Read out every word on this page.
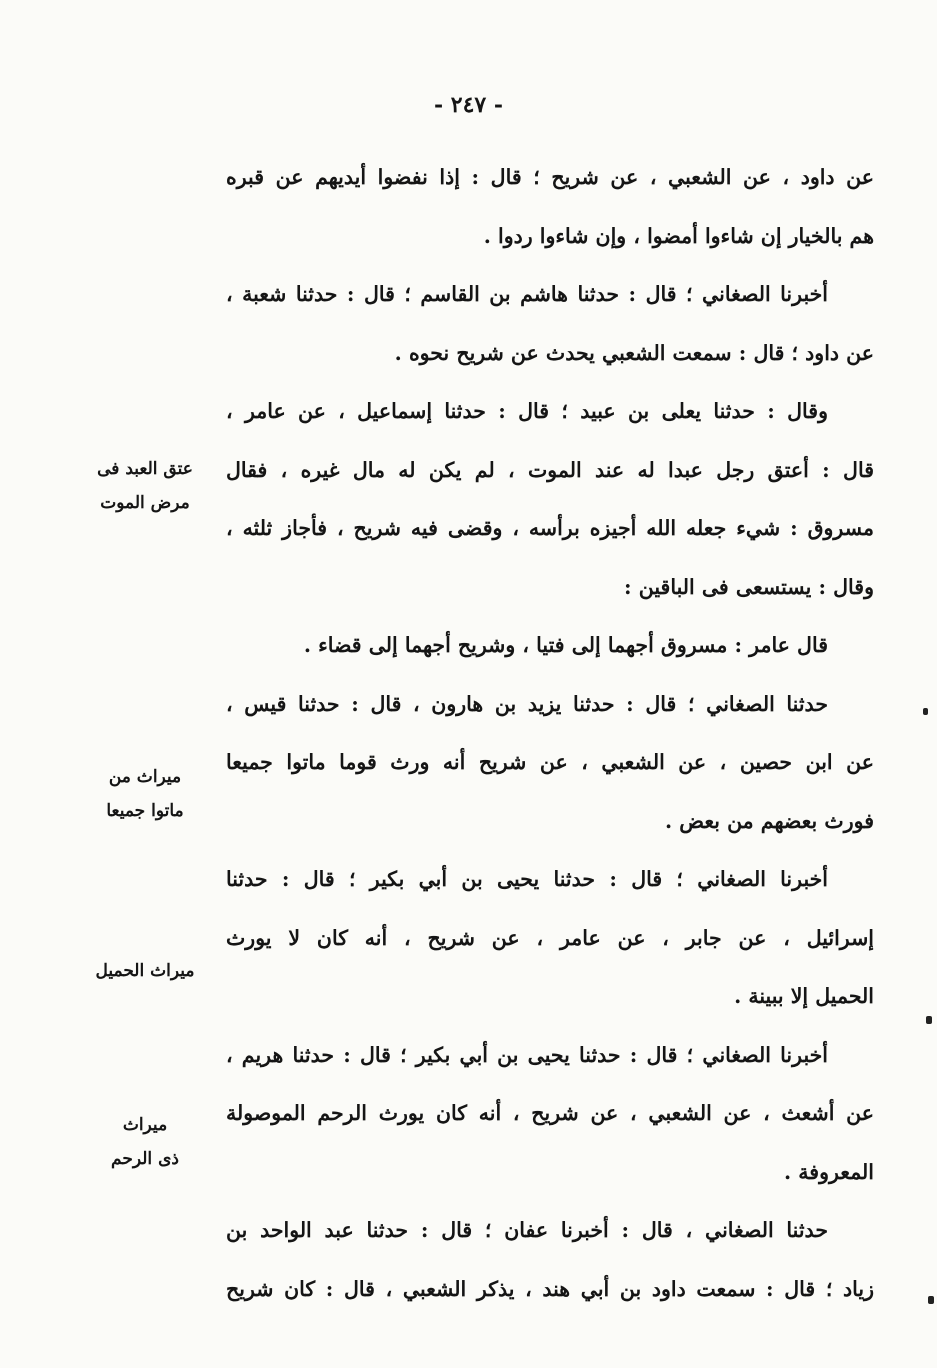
- ٢٤٧ -
عن داود ، عن الشعبي ، عن شريح ؛ قال : إذا نفضوا أيديهم عن قبره
هم بالخيار إن شاءوا أمضوا ، وإن شاءوا ردوا .
أخبرنا الصغاني ؛ قال : حدثنا هاشم بن القاسم ؛ قال : حدثنا شعبة ،
عن داود ؛ قال : سمعت الشعبي يحدث عن شريح نحوه .
وقال : حدثنا يعلى بن عبيد ؛ قال : حدثنا إسماعيل ، عن عامر ،
قال : أعتق رجل عبدا له عند الموت ، لم يكن له مال غيره ، فقال
مسروق : شيء جعله الله أجيزه برأسه ، وقضى فيه شريح ، فأجاز ثلثه ،
وقال : يستسعى فى الباقين :
قال عامر : مسروق أجهما إلى فتيا ، وشريح أجهما إلى قضاء .
حدثنا الصغاني ؛ قال : حدثنا يزيد بن هارون ، قال : حدثنا قيس ،
عن ابن حصين ، عن الشعبي ، عن شريح أنه ورث قوما ماتوا جميعا
فورث بعضهم من بعض .
أخبرنا الصغاني ؛ قال : حدثنا يحيى بن أبي بكير ؛ قال : حدثنا
إسرائيل ، عن جابر ، عن عامر ، عن شريح ، أنه كان لا يورث
الحميل إلا ببينة .
أخبرنا الصغاني ؛ قال : حدثنا يحيى بن أبي بكير ؛ قال : حدثنا هريم ،
عن أشعث ، عن الشعبي ، عن شريح ، أنه كان يورث الرحم الموصولة
المعروفة .
حدثنا الصغاني ، قال : أخبرنا عفان ؛ قال : حدثنا عبد الواحد بن
زياد ؛ قال : سمعت داود بن أبي هند ، يذكر الشعبي ، قال : كان شريح
عتق العبد فى
مرض الموت
ميراث من
ماتوا جميعا
ميراث الحميل
ميراث
ذى الرحم
